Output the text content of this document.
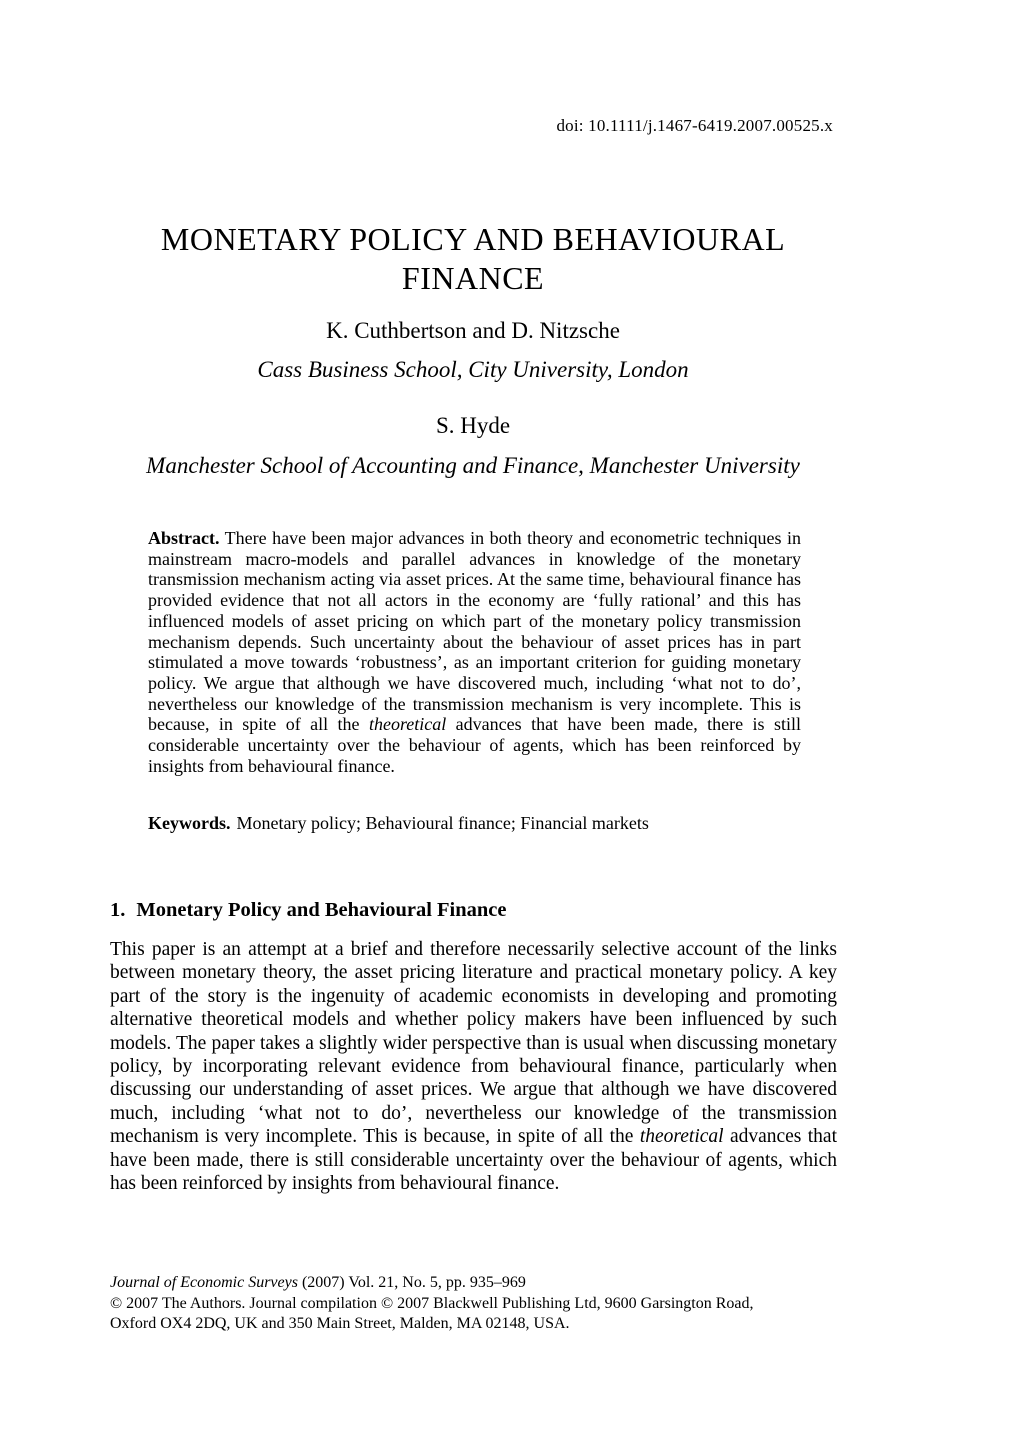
doi: 10.1111/j.1467-6419.2007.00525.x
MONETARY POLICY AND BEHAVIOURAL FINANCE
K. Cuthbertson and D. Nitzsche
Cass Business School, City University, London
S. Hyde
Manchester School of Accounting and Finance, Manchester University

Abstract. There have been major advances in both theory and econometric techniques in mainstream macro-models and parallel advances in knowledge of the monetary transmission mechanism acting via asset prices. At the same time, behavioural finance has provided evidence that not all actors in the economy are ‘fully rational’ and this has influenced models of asset pricing on which part of the monetary policy transmission mechanism depends. Such uncertainty about the behaviour of asset prices has in part stimulated a move towards ‘robustness’, as an important criterion for guiding monetary policy. We argue that although we have discovered much, including ‘what not to do’, nevertheless our knowledge of the transmission mechanism is very incomplete. This is because, in spite of all the theoretical advances that have been made, there is still considerable uncertainty over the behaviour of agents, which has been reinforced by insights from behavioural finance.

Keywords. Monetary policy; Behavioural finance; Financial markets

1. Monetary Policy and Behavioural Finance

This paper is an attempt at a brief and therefore necessarily selective account of the links between monetary theory, the asset pricing literature and practical monetary policy. A key part of the story is the ingenuity of academic economists in developing and promoting alternative theoretical models and whether policy makers have been influenced by such models. The paper takes a slightly wider perspective than is usual when discussing monetary policy, by incorporating relevant evidence from behavioural finance, particularly when discussing our understanding of asset prices. We argue that although we have discovered much, including ‘what not to do’, nevertheless our knowledge of the transmission mechanism is very incomplete. This is because, in spite of all the theoretical advances that have been made, there is still considerable uncertainty over the behaviour of agents, which has been reinforced by insights from behavioural finance.

Journal of Economic Surveys (2007) Vol. 21, No. 5, pp. 935–969
© 2007 The Authors. Journal compilation © 2007 Blackwell Publishing Ltd, 9600 Garsington Road,
Oxford OX4 2DQ, UK and 350 Main Street, Malden, MA 02148, USA.
